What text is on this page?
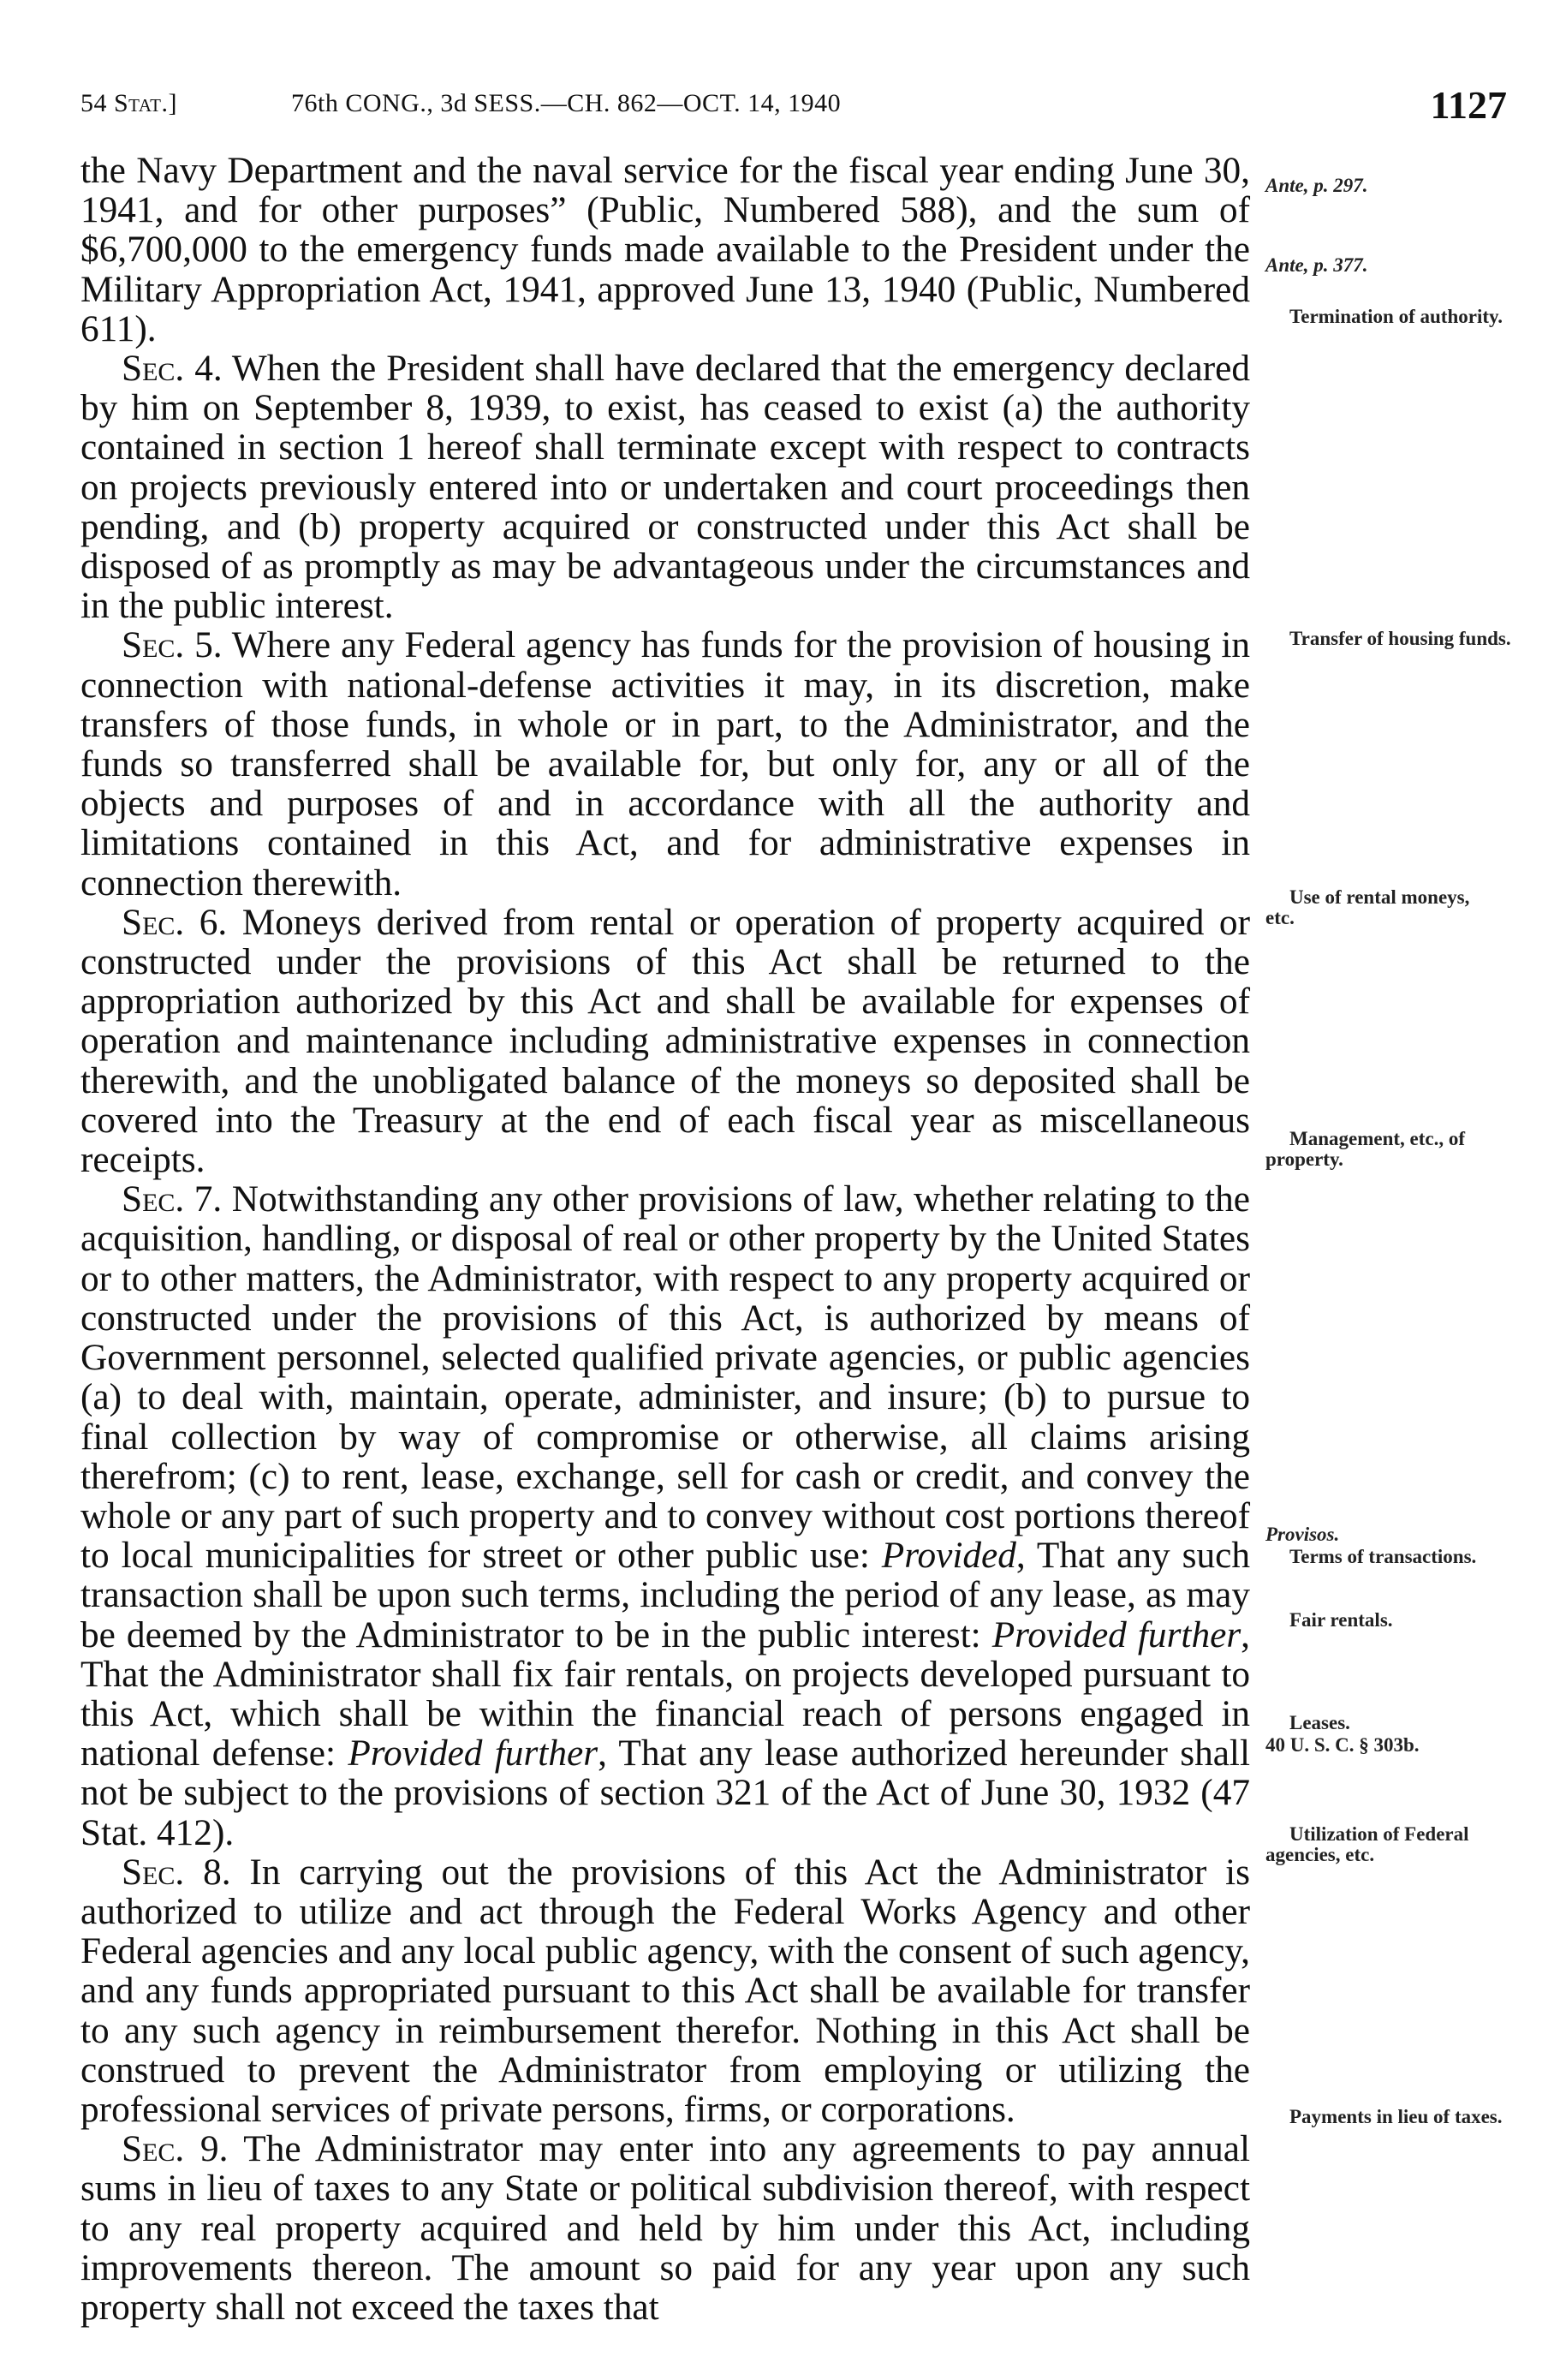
54 Stat.]	76th CONG., 3d SESS.—CH. 862—OCT. 14, 1940	1127

the Navy Department and the naval service for the fiscal year ending June 30, 1941, and for other purposes” (Public, Numbered 588), and the sum of $6,700,000 to the emergency funds made available to the President under the Military Appropriation Act, 1941, approved June 13, 1940 (Public, Numbered 611).

Sec. 4. When the President shall have declared that the emergency declared by him on September 8, 1939, to exist, has ceased to exist (a) the authority contained in section 1 hereof shall terminate except with respect to contracts on projects previously entered into or undertaken and court proceedings then pending, and (b) property acquired or constructed under this Act shall be disposed of as promptly as may be advantageous under the circumstances and in the public interest.

Sec. 5. Where any Federal agency has funds for the provision of housing in connection with national-defense activities it may, in its discretion, make transfers of those funds, in whole or in part, to the Administrator, and the funds so transferred shall be available for, but only for, any or all of the objects and purposes of and in accordance with all the authority and limitations contained in this Act, and for administrative expenses in connection therewith.

Sec. 6. Moneys derived from rental or operation of property acquired or constructed under the provisions of this Act shall be returned to the appropriation authorized by this Act and shall be available for expenses of operation and maintenance including administrative expenses in connection therewith, and the unobligated balance of the moneys so deposited shall be covered into the Treasury at the end of each fiscal year as miscellaneous receipts.

Sec. 7. Notwithstanding any other provisions of law, whether relating to the acquisition, handling, or disposal of real or other property by the United States or to other matters, the Administrator, with respect to any property acquired or constructed under the provisions of this Act, is authorized by means of Government personnel, selected qualified private agencies, or public agencies (a) to deal with, maintain, operate, administer, and insure; (b) to pursue to final collection by way of compromise or otherwise, all claims arising therefrom; (c) to rent, lease, exchange, sell for cash or credit, and convey the whole or any part of such property and to convey without cost portions thereof to local municipalities for street or other public use: Provided, That any such transaction shall be upon such terms, including the period of any lease, as may be deemed by the Administrator to be in the public interest: Provided further, That the Administrator shall fix fair rentals, on projects developed pursuant to this Act, which shall be within the financial reach of persons engaged in national defense: Provided further, That any lease authorized hereunder shall not be subject to the provisions of section 321 of the Act of June 30, 1932 (47 Stat. 412).

Sec. 8. In carrying out the provisions of this Act the Administrator is authorized to utilize and act through the Federal Works Agency and other Federal agencies and any local public agency, with the consent of such agency, and any funds appropriated pursuant to this Act shall be available for transfer to any such agency in reimbursement therefor. Nothing in this Act shall be construed to prevent the Administrator from employing or utilizing the professional services of private persons, firms, or corporations.

Sec. 9. The Administrator may enter into any agreements to pay annual sums in lieu of taxes to any State or political subdivision thereof, with respect to any real property acquired and held by him under this Act, including improvements thereon. The amount so paid for any year upon any such property shall not exceed the taxes that

Ante, p. 297.
Ante, p. 377.
Termination of authority.
Transfer of housing funds.
Use of rental moneys, etc.
Management, etc., of property.
Provisos.
Terms of transactions.
Fair rentals.
Leases.
40 U. S. C. § 303b.
Utilization of Federal agencies, etc.
Payments in lieu of taxes.
